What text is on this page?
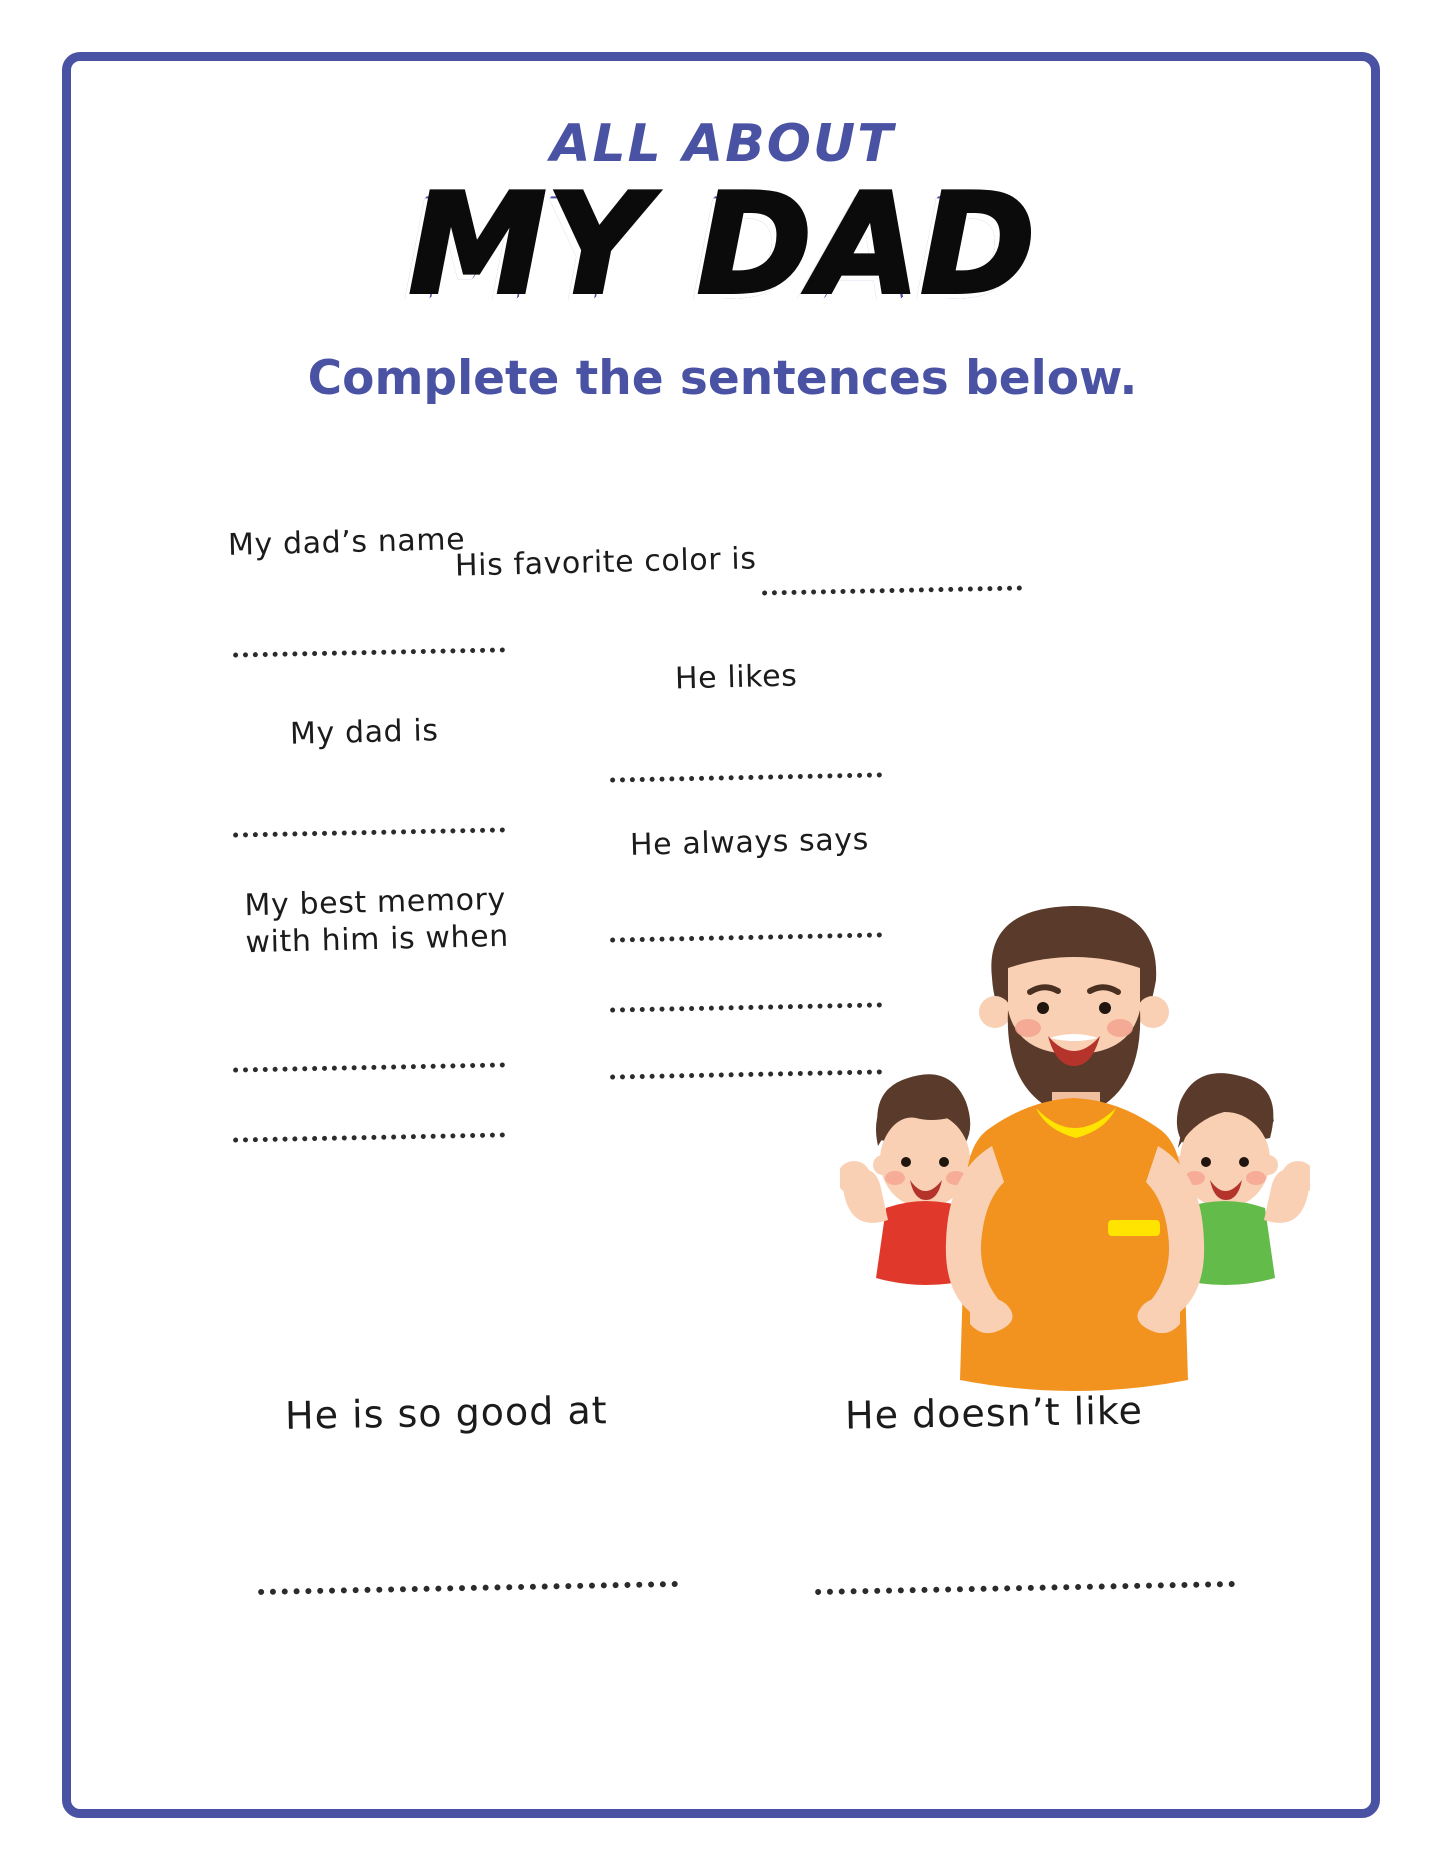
ALL ABOUT
MY DAD
Complete the sentences below.
My dad’s name
His favorite color is
My dad is
He likes
My best memory
with him is when
He always says
He is so good at	He doesn’t like
